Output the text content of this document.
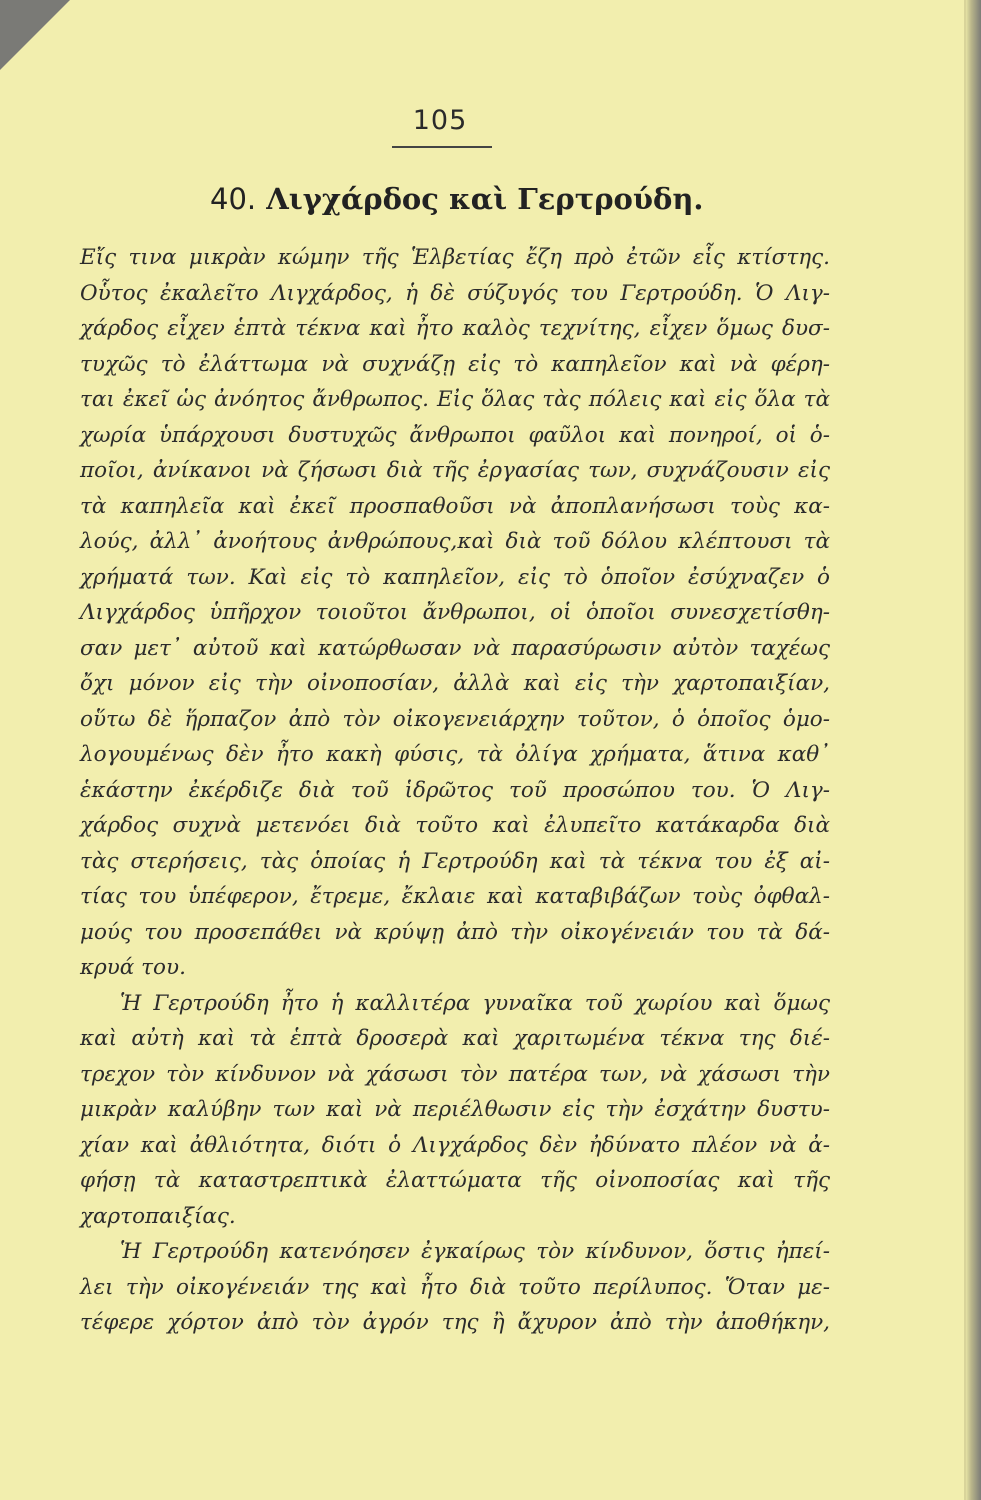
105
40. Λιγχάρδος καὶ Γερτρούδη.
Εἴς τινα μικρὰν κώμην τῆς Ἑλβετίας ἔζη πρὸ ἐτῶν εἷς κτίστης.
Οὗτος ἐκαλεῖτο Λιγχάρδος, ἡ δὲ σύζυγός του Γερτρούδη. Ὁ Λιγ-
χάρδος εἶχεν ἑπτὰ τέκνα καὶ ἦτο καλὸς τεχνίτης, εἶχεν ὅμως δυσ-
τυχῶς τὸ ἐλάττωμα νὰ συχνάζῃ εἰς τὸ καπηλεῖον καὶ νὰ φέρη-
ται ἐκεῖ ὡς ἀνόητος ἄνθρωπος. Εἰς ὅλας τὰς πόλεις καὶ εἰς ὅλα τὰ
χωρία ὑπάρχουσι δυστυχῶς ἄνθρωποι φαῦλοι καὶ πονηροί, οἱ ὁ-
ποῖοι, ἀνίκανοι νὰ ζήσωσι διὰ τῆς ἐργασίας των, συχνάζουσιν εἰς
τὰ καπηλεῖα καὶ ἐκεῖ προσπαθοῦσι νὰ ἀποπλανήσωσι τοὺς κα-
λούς, ἀλλ᾿ ἀνοήτους ἀνθρώπους,καὶ διὰ τοῦ δόλου κλέπτουσι τὰ
χρήματά των. Καὶ εἰς τὸ καπηλεῖον, εἰς τὸ ὁποῖον ἐσύχναζεν ὁ
Λιγχάρδος ὑπῆρχον τοιοῦτοι ἄνθρωποι, οἱ ὁποῖοι συνεσχετίσθη-
σαν μετ᾿ αὐτοῦ καὶ κατώρθωσαν νὰ παρασύρωσιν αὐτὸν ταχέως
ὄχι μόνον εἰς τὴν οἰνοποσίαν, ἀλλὰ καὶ εἰς τὴν χαρτοπαιξίαν,
οὕτω δὲ ἥρπαζον ἀπὸ τὸν οἰκογενειάρχην τοῦτον, ὁ ὁποῖος ὁμο-
λογουμένως δὲν ἦτο κακὴ φύσις, τὰ ὀλίγα χρήματα, ἅτινα καθ᾿
ἑκάστην ἐκέρδιζε διὰ τοῦ ἱδρῶτος τοῦ προσώπου του. Ὁ Λιγ-
χάρδος συχνὰ μετενόει διὰ τοῦτο καὶ ἐλυπεῖτο κατάκαρδα διὰ
τὰς στερήσεις, τὰς ὁποίας ἡ Γερτρούδη καὶ τὰ τέκνα του ἐξ αἰ-
τίας του ὑπέφερον, ἔτρεμε, ἔκλαιε καὶ καταβιβάζων τοὺς ὀφθαλ-
μούς του προσεπάθει νὰ κρύψῃ ἀπὸ τὴν οἰκογένειάν του τὰ δά-
κρυά του.
Ἡ Γερτρούδη ἦτο ἡ καλλιτέρα γυναῖκα τοῦ χωρίου καὶ ὅμως
καὶ αὐτὴ καὶ τὰ ἑπτὰ δροσερὰ καὶ χαριτωμένα τέκνα της διέ-
τρεχον τὸν κίνδυνον νὰ χάσωσι τὸν πατέρα των, νὰ χάσωσι τὴν
μικρὰν καλύβην των καὶ νὰ περιέλθωσιν εἰς τὴν ἐσχάτην δυστυ-
χίαν καὶ ἀθλιότητα, διότι ὁ Λιγχάρδος δὲν ἠδύνατο πλέον νὰ ἀ-
φήσῃ τὰ καταστρεπτικὰ ἐλαττώματα τῆς οἰνοποσίας καὶ τῆς
χαρτοπαιξίας.
Ἡ Γερτρούδη κατενόησεν ἐγκαίρως τὸν κίνδυνον, ὅστις ἠπεί-
λει τὴν οἰκογένειάν της καὶ ἦτο διὰ τοῦτο περίλυπος. Ὅταν με-
τέφερε χόρτον ἀπὸ τὸν ἀγρόν της ἢ ἄχυρον ἀπὸ τὴν ἀποθήκην,
